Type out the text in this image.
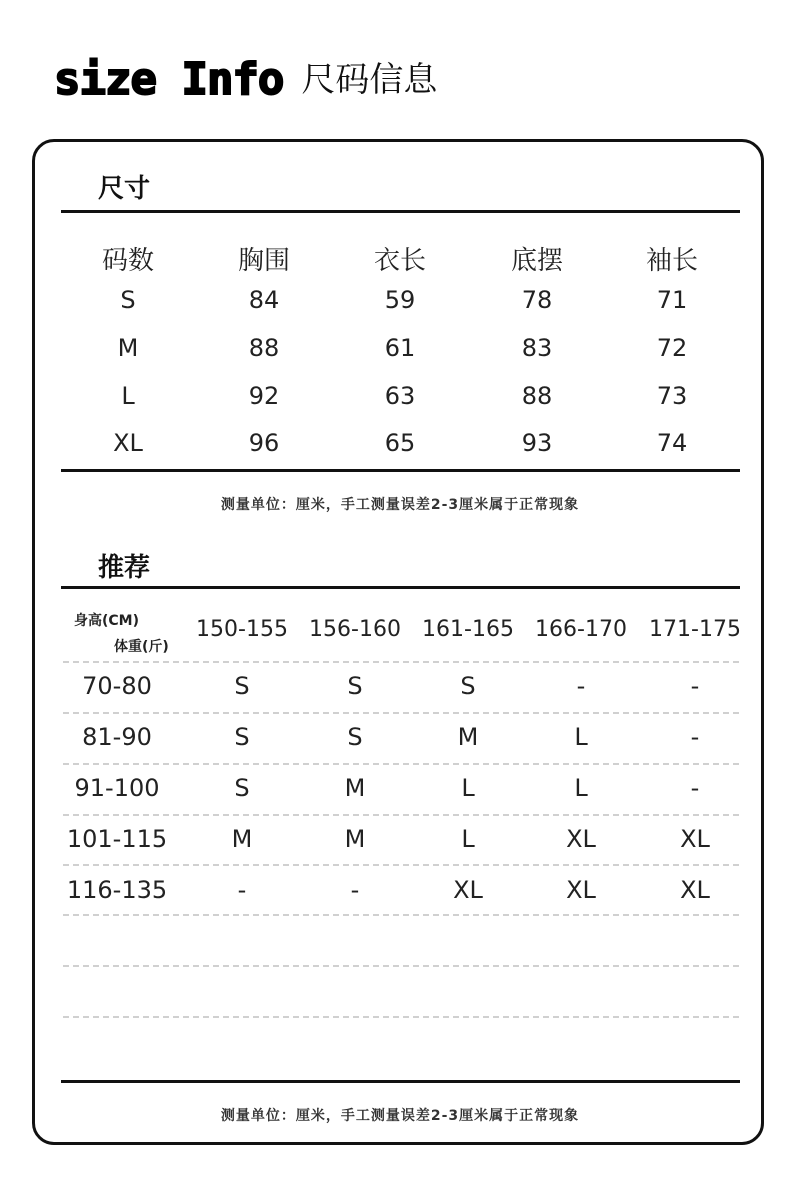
size Info 尺码信息
尺寸
码数	胸围	衣长	底摆	袖长
S	84	59	78	71
M	88	61	83	72
L	92	63	88	73
XL	96	65	93	74
测量单位：厘米，手工测量误差2-3厘米属于正常现象
推荐
身高(CM)
体重(斤)
150-155 156-160 161-165 166-170 171-175
70-80	S	S	S	-	-
81-90	S	S	M	L	-
91-100	S	M	L	L	-
101-115	M	M	L	XL	XL
116-135	-	-	XL	XL	XL
测量单位：厘米，手工测量误差2-3厘米属于正常现象
